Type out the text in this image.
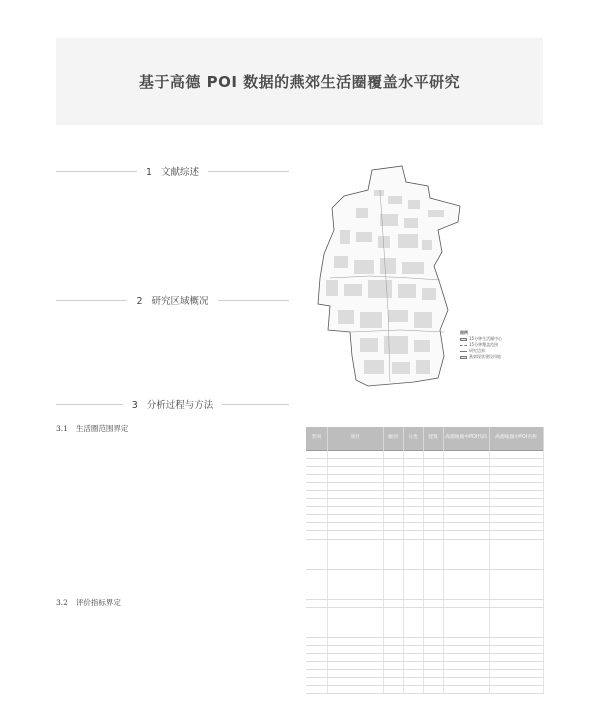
基于高德 POI 数据的燕郊生活圈覆盖水平研究
1 文献综述
2 研究区域概况
3 分析过程与方法
3.1 生活圈范围界定
3.2 评价指标界定
图例
15分钟生活圈中心
15分钟覆盖范围
研究边界
燕郊现状建设用地
类别	项目	级别	分类	建筑	高德地图中POI代码	高德地图中POI名称
